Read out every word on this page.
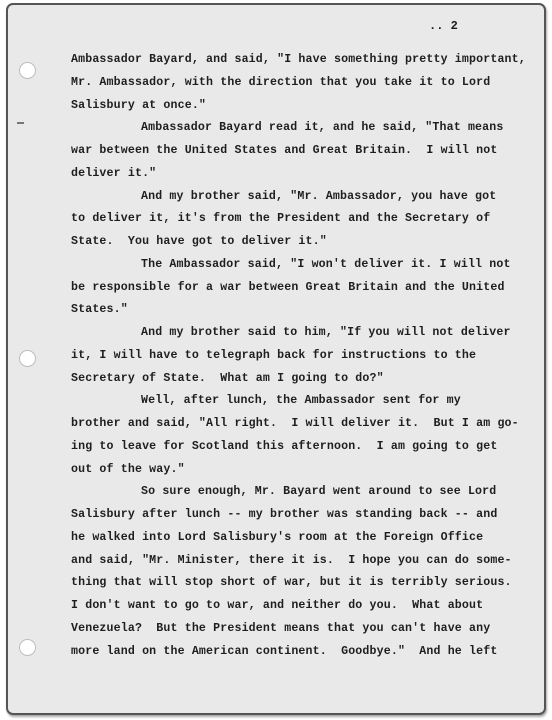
.. 2
Ambassador Bayard, and said, "I have something pretty important,
Mr. Ambassador, with the direction that you take it to Lord
Salisbury at once."
Ambassador Bayard read it, and he said, "That means
war between the United States and Great Britain.  I will not
deliver it."
And my brother said, "Mr. Ambassador, you have got
to deliver it, it's from the President and the Secretary of
State.  You have got to deliver it."
The Ambassador said, "I won't deliver it. I will not
be responsible for a war between Great Britain and the United
States."
And my brother said to him, "If you will not deliver
it, I will have to telegraph back for instructions to the
Secretary of State.  What am I going to do?"
Well, after lunch, the Ambassador sent for my
brother and said, "All right.  I will deliver it.  But I am go-
ing to leave for Scotland this afternoon.  I am going to get
out of the way."
So sure enough, Mr. Bayard went around to see Lord
Salisbury after lunch -- my brother was standing back -- and
he walked into Lord Salisbury's room at the Foreign Office
and said, "Mr. Minister, there it is.  I hope you can do some-
thing that will stop short of war, but it is terribly serious.
I don't want to go to war, and neither do you.  What about
Venezuela?  But the President means that you can't have any
more land on the American continent.  Goodbye."  And he left
